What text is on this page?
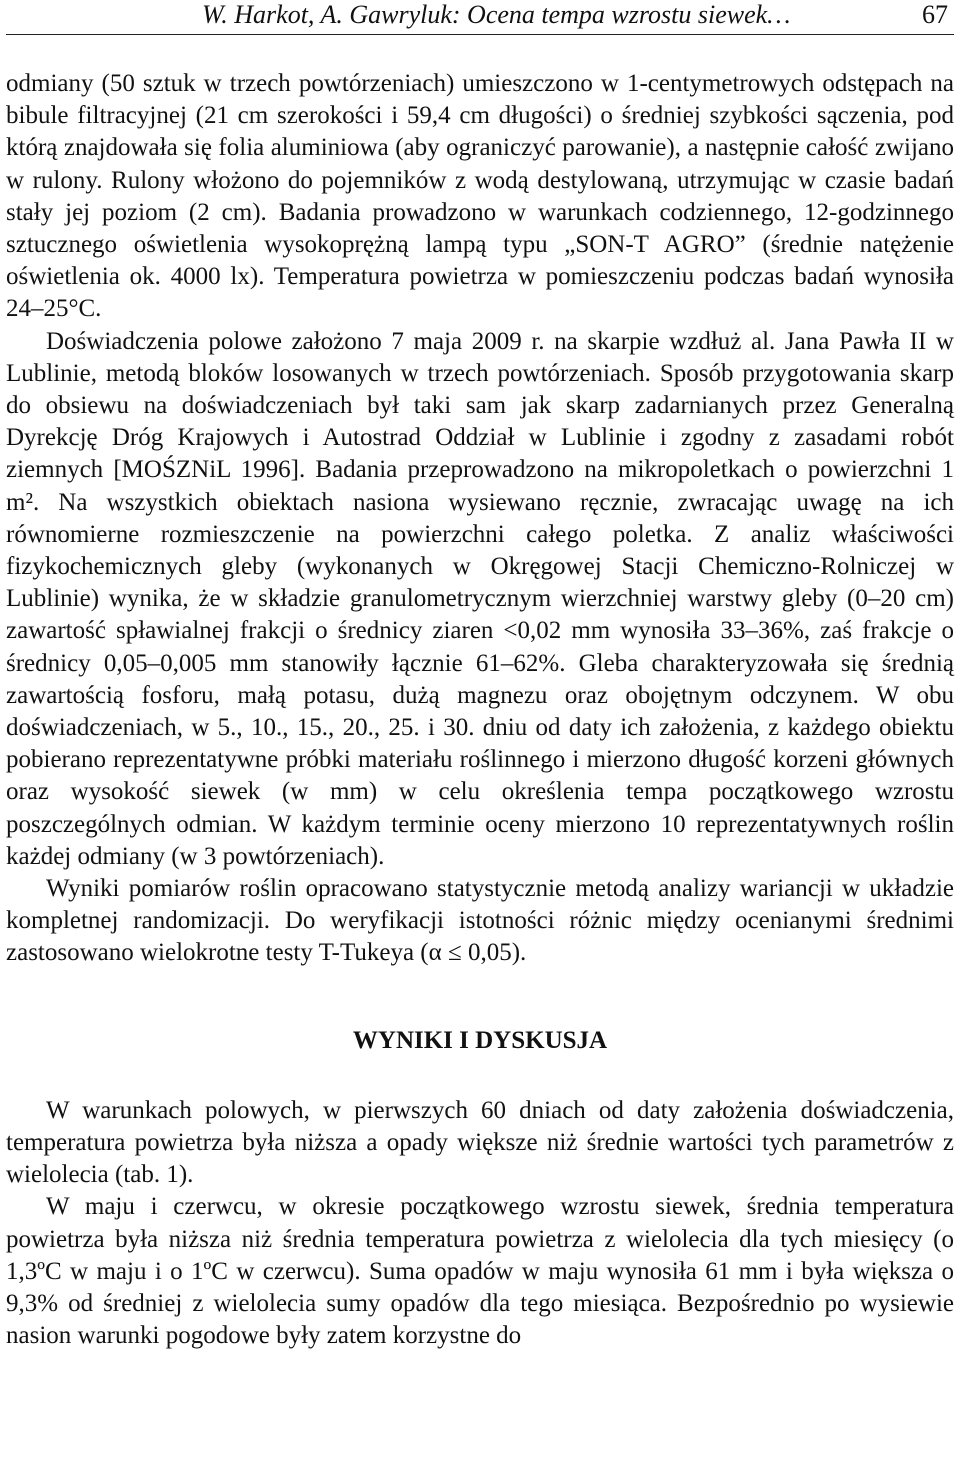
W. Harkot, A. Gawryluk: Ocena tempa wzrostu siewek…	67

odmiany (50 sztuk w trzech powtórzeniach) umieszczono w 1-centymetrowych odstępach na bibule filtracyjnej (21 cm szerokości i 59,4 cm długości) o średniej szybkości sączenia, pod którą znajdowała się folia aluminiowa (aby ograniczyć parowanie), a następnie całość zwijano w rulony. Rulony włożono do pojemników z wodą destylowaną, utrzymując w czasie badań stały jej poziom (2 cm). Badania prowadzono w warunkach codziennego, 12-godzinnego sztucznego oświetlenia wysokoprężną lampą typu „SON-T AGRO” (średnie natężenie oświetlenia ok. 4000 lx). Temperatura powietrza w pomieszczeniu podczas badań wynosiła 24–25°C.

Doświadczenia polowe założono 7 maja 2009 r. na skarpie wzdłuż al. Jana Pawła II w Lublinie, metodą bloków losowanych w trzech powtórzeniach. Sposób przygotowania skarp do obsiewu na doświadczeniach był taki sam jak skarp zadarnianych przez Generalną Dyrekcję Dróg Krajowych i Autostrad Oddział w Lublinie i zgodny z zasadami robót ziemnych [MOŚZNiL 1996]. Badania przeprowadzono na mikropoletkach o powierzchni 1 m². Na wszystkich obiektach nasiona wysiewano ręcznie, zwracając uwagę na ich równomierne rozmieszczenie na powierzchni całego poletka. Z analiz właściwości fizykochemicznych gleby (wykonanych w Okręgowej Stacji Chemiczno-Rolniczej w Lublinie) wynika, że w składzie granulometrycznym wierzchniej warstwy gleby (0–20 cm) zawartość spławialnej frakcji o średnicy ziaren <0,02 mm wynosiła 33–36%, zaś frakcje o średnicy 0,05–0,005 mm stanowiły łącznie 61–62%. Gleba charakteryzowała się średnią zawartością fosforu, małą potasu, dużą magnezu oraz obojętnym odczynem. W obu doświadczeniach, w 5., 10., 15., 20., 25. i 30. dniu od daty ich założenia, z każdego obiektu pobierano reprezentatywne próbki materiału roślinnego i mierzono długość korzeni głównych oraz wysokość siewek (w mm) w celu określenia tempa początkowego wzrostu poszczególnych odmian. W każdym terminie oceny mierzono 10 reprezentatywnych roślin każdej odmiany (w 3 powtórzeniach).

Wyniki pomiarów roślin opracowano statystycznie metodą analizy wariancji w układzie kompletnej randomizacji. Do weryfikacji istotności różnic między ocenianymi średnimi zastosowano wielokrotne testy T-Tukeya (α ≤ 0,05).

WYNIKI I DYSKUSJA

W warunkach polowych, w pierwszych 60 dniach od daty założenia doświadczenia, temperatura powietrza była niższa a opady większe niż średnie wartości tych parametrów z wielolecia (tab. 1).

W maju i czerwcu, w okresie początkowego wzrostu siewek, średnia temperatura powietrza była niższa niż średnia temperatura powietrza z wielolecia dla tych miesięcy (o 1,3ºC w maju i o 1ºC w czerwcu). Suma opadów w maju wynosiła 61 mm i była większa o 9,3% od średniej z wielolecia sumy opadów dla tego miesiąca. Bezpośrednio po wysiewie nasion warunki pogodowe były zatem korzystne do
